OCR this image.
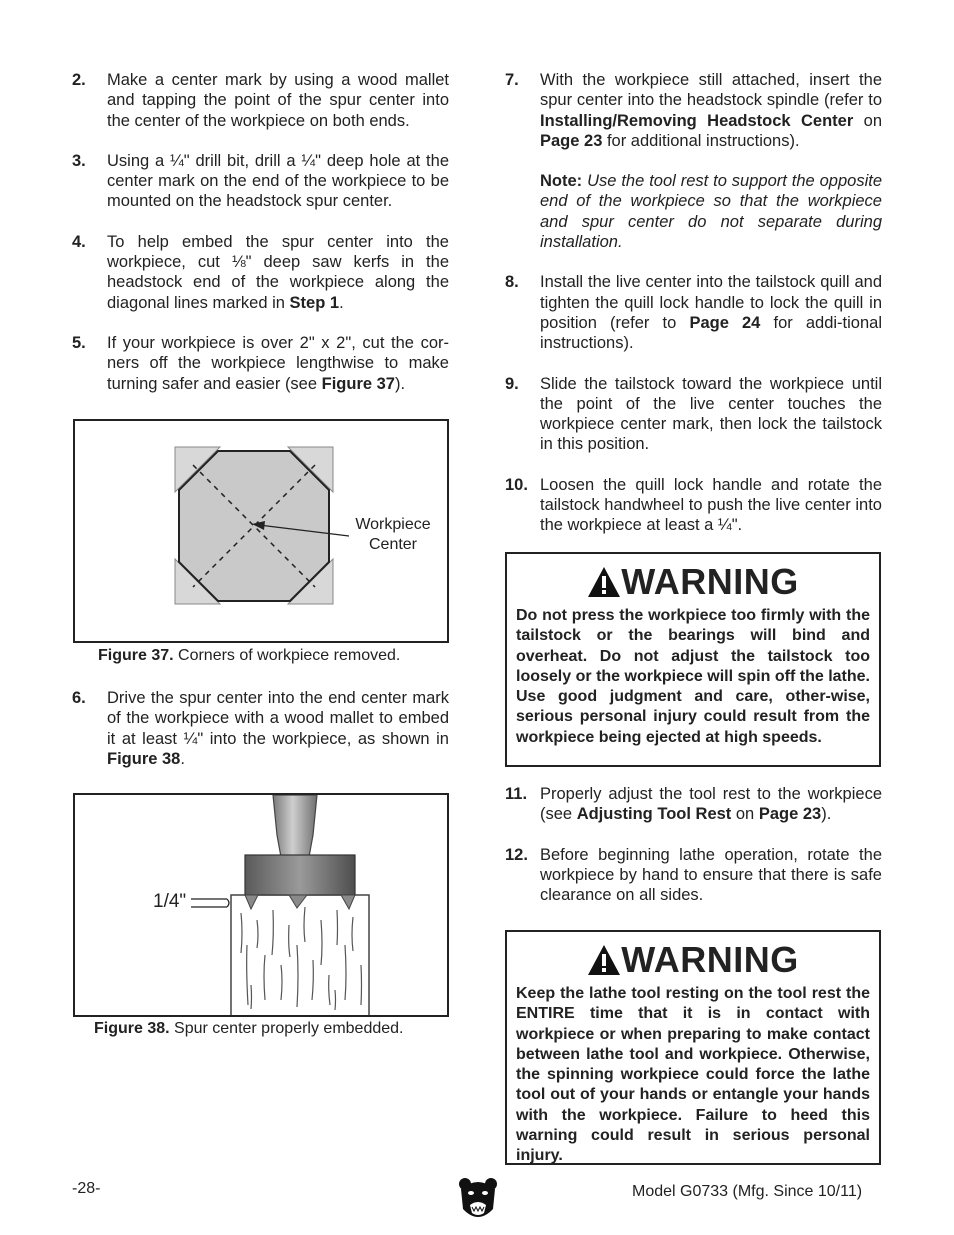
2. Make a center mark by using a wood mallet and tapping the point of the spur center into the center of the workpiece on both ends.
3. Using a ¼" drill bit, drill a ¼" deep hole at the center mark on the end of the workpiece to be mounted on the headstock spur center.
4. To help embed the spur center into the workpiece, cut ⅛" deep saw kerfs in the headstock end of the workpiece along the diagonal lines marked in Step 1.
5. If your workpiece is over 2" x 2", cut the cor-ners off the workpiece lengthwise to make turning safer and easier (see Figure 37).
Workpiece
Center
Figure 37. Corners of workpiece removed.
6. Drive the spur center into the end center mark of the workpiece with a wood mallet to embed it at least ¼" into the workpiece, as shown in Figure 38.
1/4"
Figure 38. Spur center properly embedded.
7. With the workpiece still attached, insert the spur center into the headstock spindle (refer to Installing/Removing Headstock Center on Page 23 for additional instructions).
Note: Use the tool rest to support the opposite end of the workpiece so that the workpiece and spur center do not separate during installation.
8. Install the live center into the tailstock quill and tighten the quill lock handle to lock the quill in position (refer to Page 24 for addi-tional instructions).
9. Slide the tailstock toward the workpiece until the point of the live center touches the workpiece center mark, then lock the tailstock in this position.
10. Loosen the quill lock handle and rotate the tailstock handwheel to push the live center into the workpiece at least a ¼".
WARNING
Do not press the workpiece too firmly with the tailstock or the bearings will bind and overheat. Do not adjust the tailstock too loosely or the workpiece will spin off the lathe. Use good judgment and care, other-wise, serious personal injury could result from the workpiece being ejected at high speeds.
11. Properly adjust the tool rest to the workpiece (see Adjusting Tool Rest on Page 23).
12. Before beginning lathe operation, rotate the workpiece by hand to ensure that there is safe clearance on all sides.
WARNING
Keep the lathe tool resting on the tool rest the ENTIRE time that it is in contact with workpiece or when preparing to make contact between lathe tool and workpiece. Otherwise, the spinning workpiece could force the lathe tool out of your hands or entangle your hands with the workpiece. Failure to heed this warning could result in serious personal injury.
-28-	Model G0733 (Mfg. Since 10/11)
